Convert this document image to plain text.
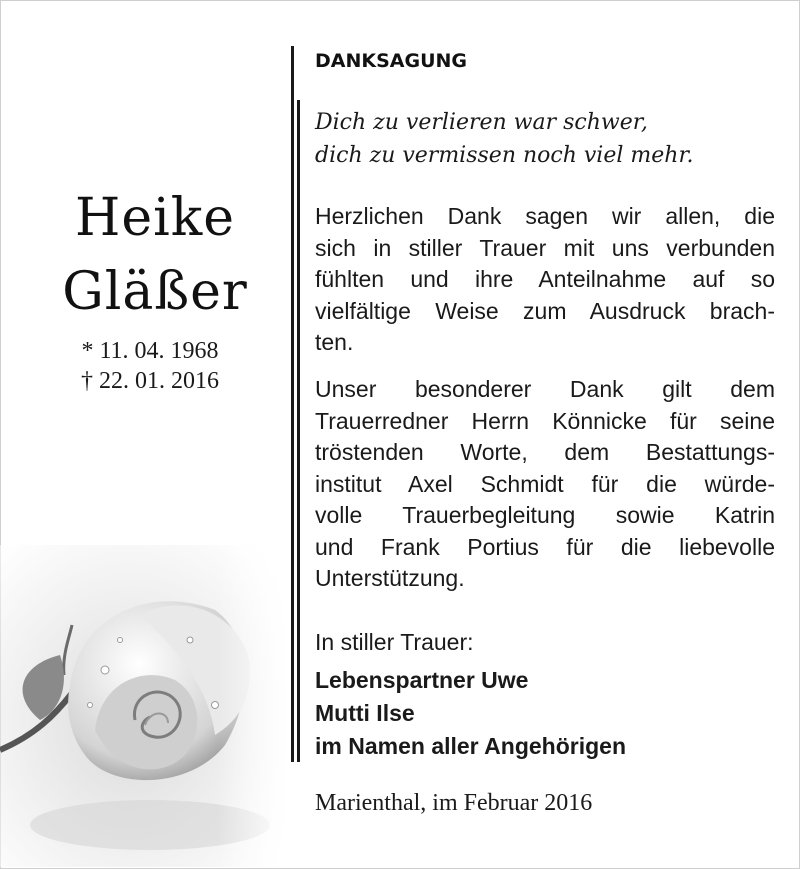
Heike
Gläßer
* 11. 04. 1968
† 22. 01. 2016
DANKSAGUNG
Dich zu verlieren war schwer,
dich zu vermissen noch viel mehr.
Herzlichen Dank sagen wir allen, die
sich in stiller Trauer mit uns verbunden
fühlten und ihre Anteilnahme auf so
vielfältige Weise zum Ausdruck brach-
ten.
Unser besonderer Dank gilt dem
Trauerredner Herrn Könnicke für seine
tröstenden Worte, dem Bestattungs-
institut Axel Schmidt für die würde-
volle Trauerbegleitung sowie Katrin
und Frank Portius für die liebevolle
Unterstützung.
In stiller Trauer:
Lebenspartner Uwe
Mutti Ilse
im Namen aller Angehörigen
Marienthal, im Februar 2016
